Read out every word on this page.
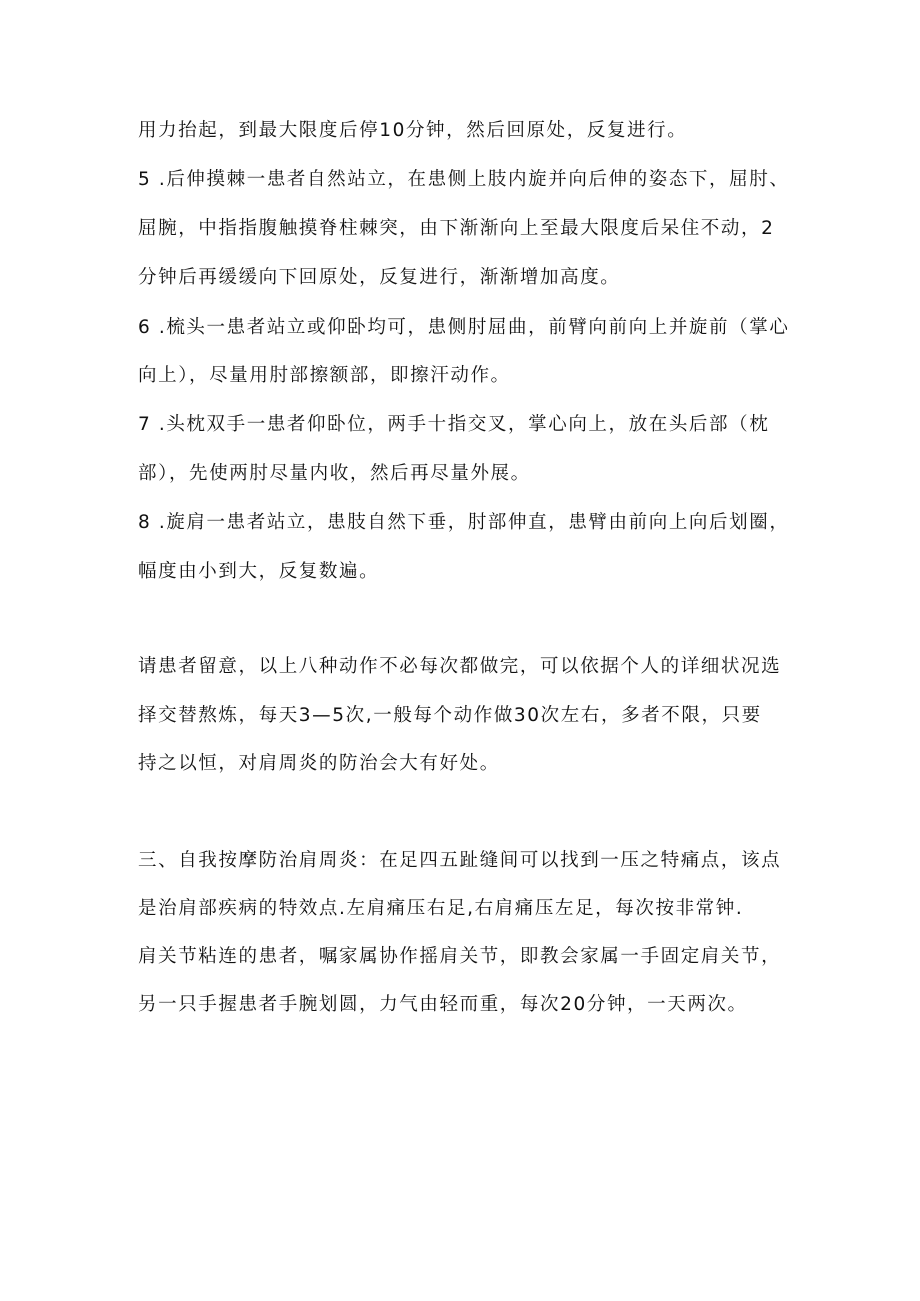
用力抬起，到最大限度后停10分钟，然后回原处，反复进行。
5 .后伸摸棘一患者自然站立，在患侧上肢内旋并向后伸的姿态下，屈肘、
屈腕，中指指腹触摸脊柱棘突，由下渐渐向上至最大限度后呆住不动，2
分钟后再缓缓向下回原处，反复进行，渐渐增加高度。
6 .梳头一患者站立或仰卧均可，患侧肘屈曲，前臂向前向上并旋前（掌心
向上），尽量用肘部擦额部，即擦汗动作。
7 .头枕双手一患者仰卧位，两手十指交叉，掌心向上，放在头后部（枕
部），先使两肘尽量内收，然后再尽量外展。
8 .旋肩一患者站立，患肢自然下垂，肘部伸直，患臂由前向上向后划圈，
幅度由小到大，反复数遍。
请患者留意，以上八种动作不必每次都做完，可以依据个人的详细状况选
择交替熬炼，每天3—5次,一般每个动作做30次左右，多者不限，只要
持之以恒，对肩周炎的防治会大有好处。
三、自我按摩防治肩周炎：在足四五趾缝间可以找到一压之特痛点，该点
是治肩部疾病的特效点.左肩痛压右足,右肩痛压左足，每次按非常钟.
肩关节粘连的患者，嘱家属协作摇肩关节，即教会家属一手固定肩关节，
另一只手握患者手腕划圆，力气由轻而重，每次20分钟，一天两次。
